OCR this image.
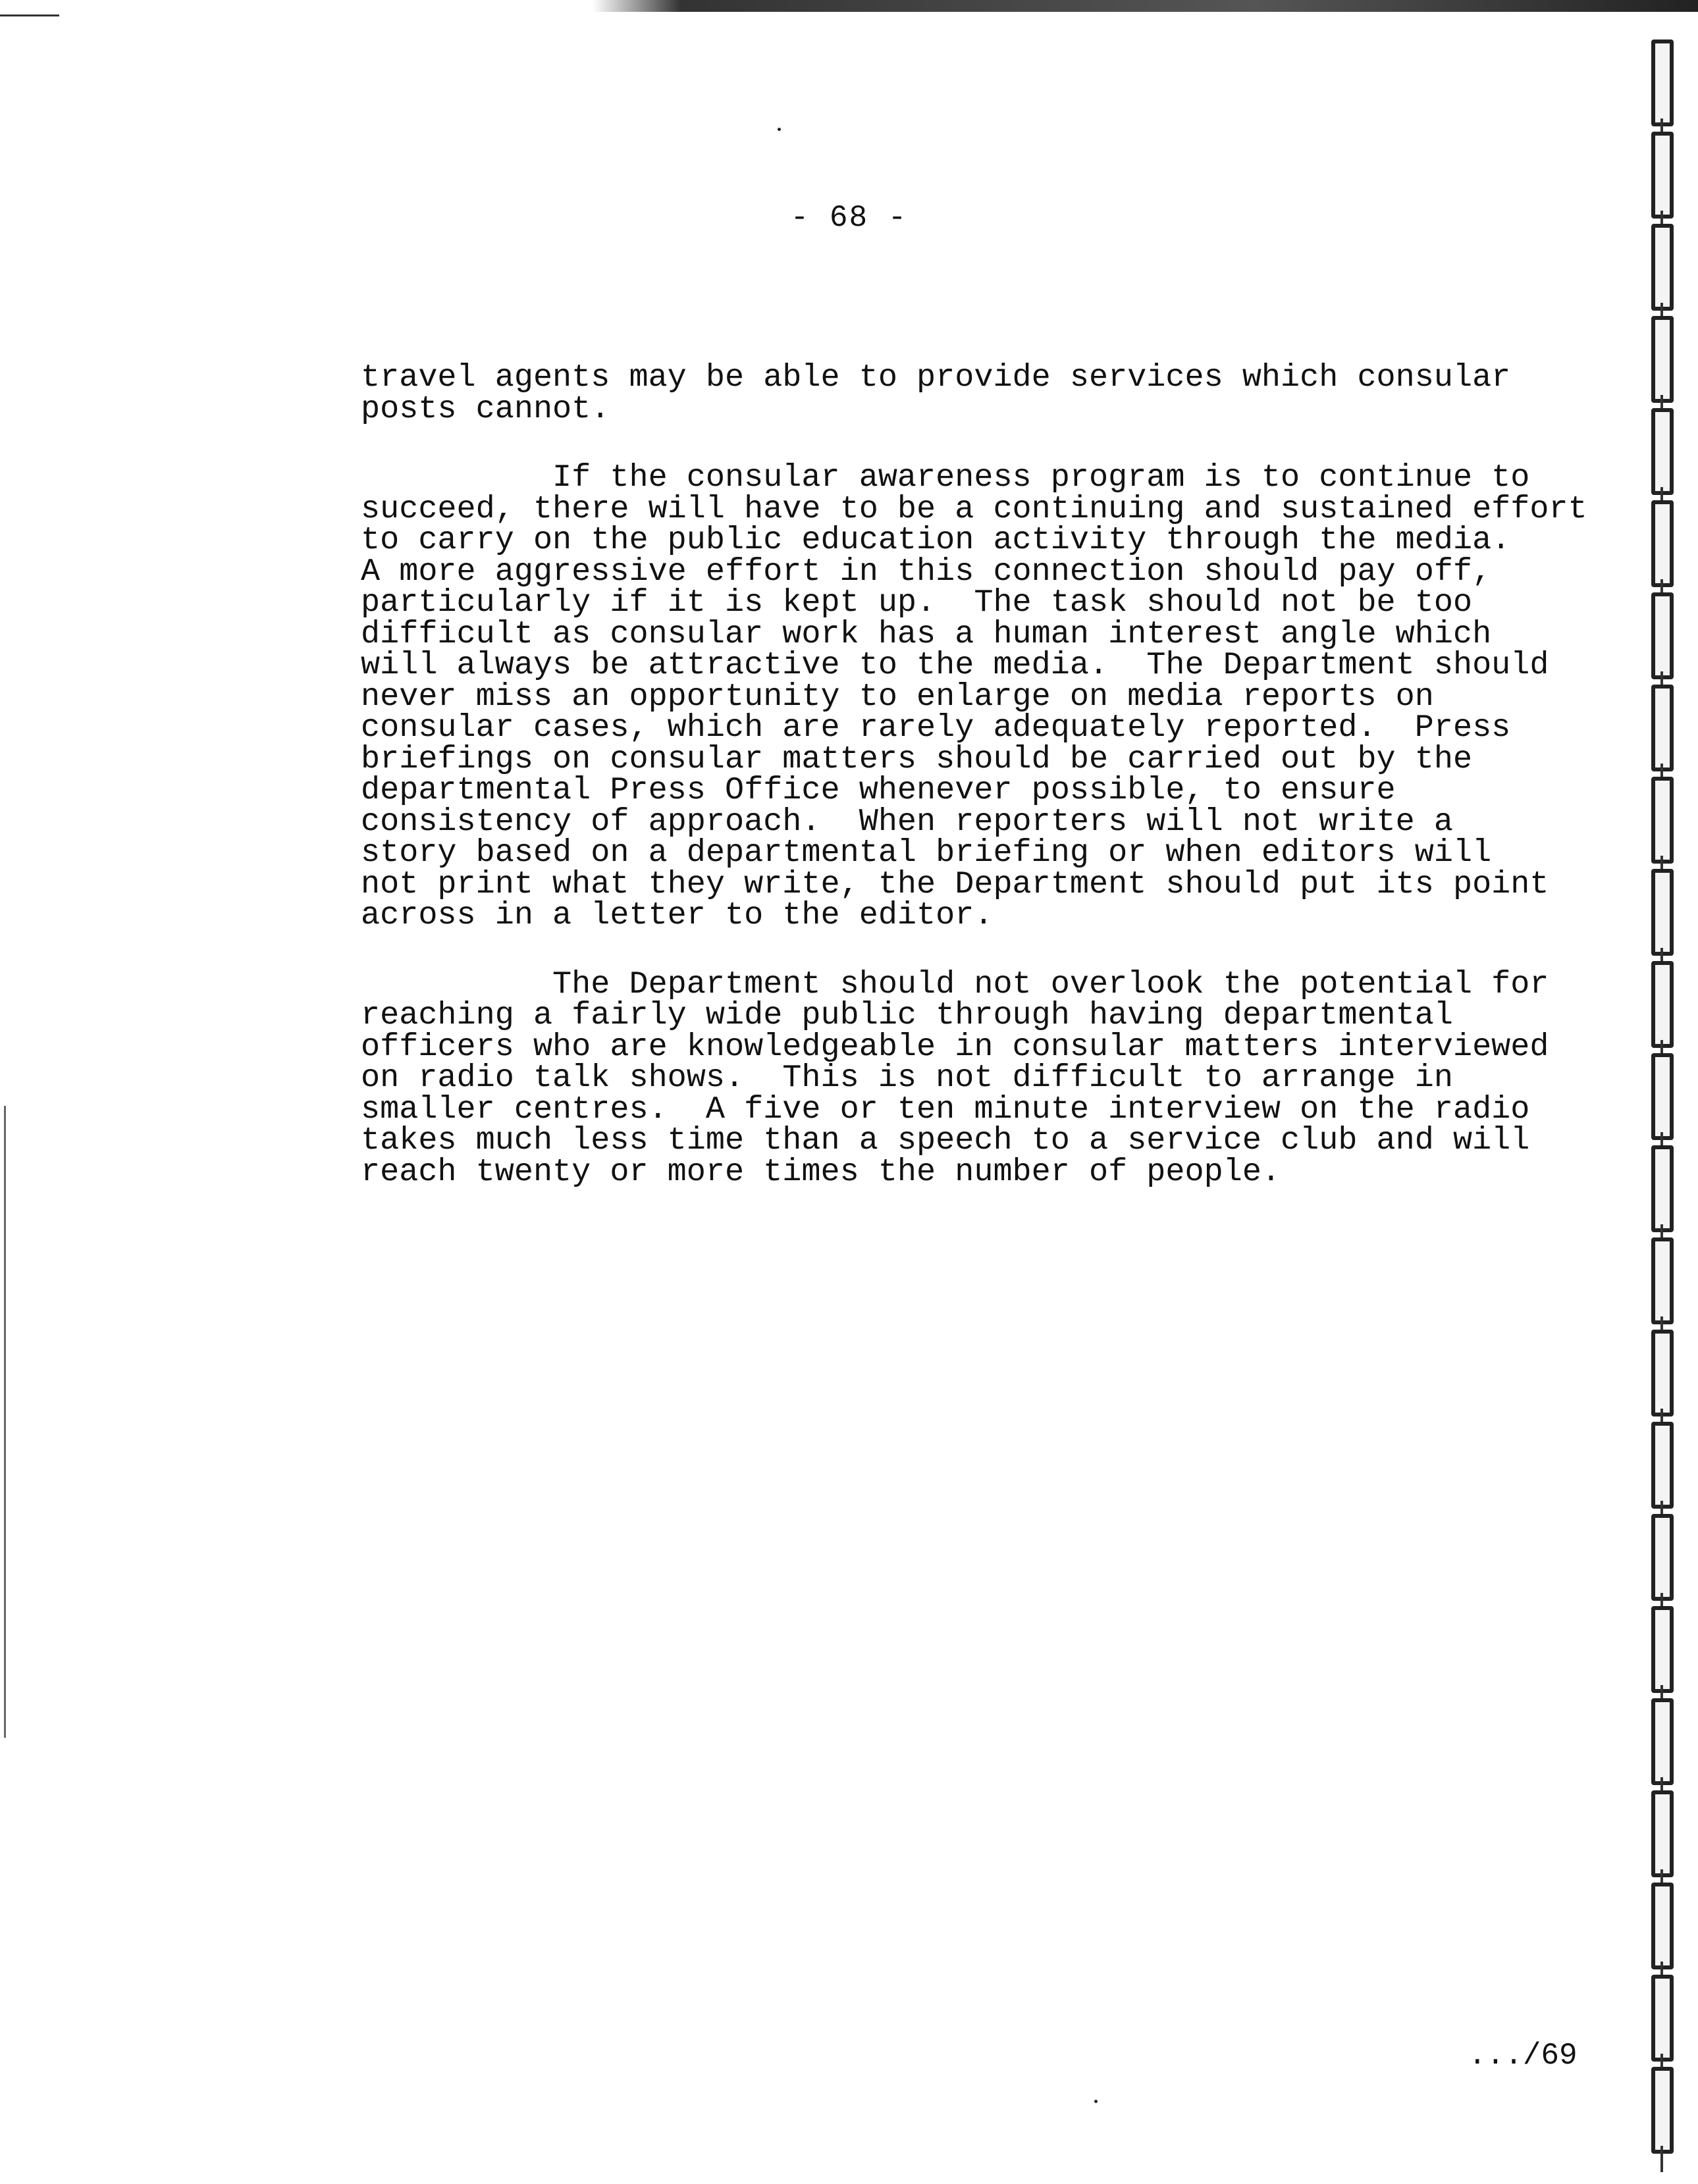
- 68 -
travel agents may be able to provide services which consular
posts cannot.
If the consular awareness program is to continue to
succeed, there will have to be a continuing and sustained effort
to carry on the public education activity through the media.
A more aggressive effort in this connection should pay off,
particularly if it is kept up.  The task should not be too
difficult as consular work has a human interest angle which
will always be attractive to the media.  The Department should
never miss an opportunity to enlarge on media reports on
consular cases, which are rarely adequately reported.  Press
briefings on consular matters should be carried out by the
departmental Press Office whenever possible, to ensure
consistency of approach.  When reporters will not write a
story based on a departmental briefing or when editors will
not print what they write, the Department should put its point
across in a letter to the editor.
The Department should not overlook the potential for
reaching a fairly wide public through having departmental
officers who are knowledgeable in consular matters interviewed
on radio talk shows.  This is not difficult to arrange in
smaller centres.  A five or ten minute interview on the radio
takes much less time than a speech to a service club and will
reach twenty or more times the number of people.
.../69
